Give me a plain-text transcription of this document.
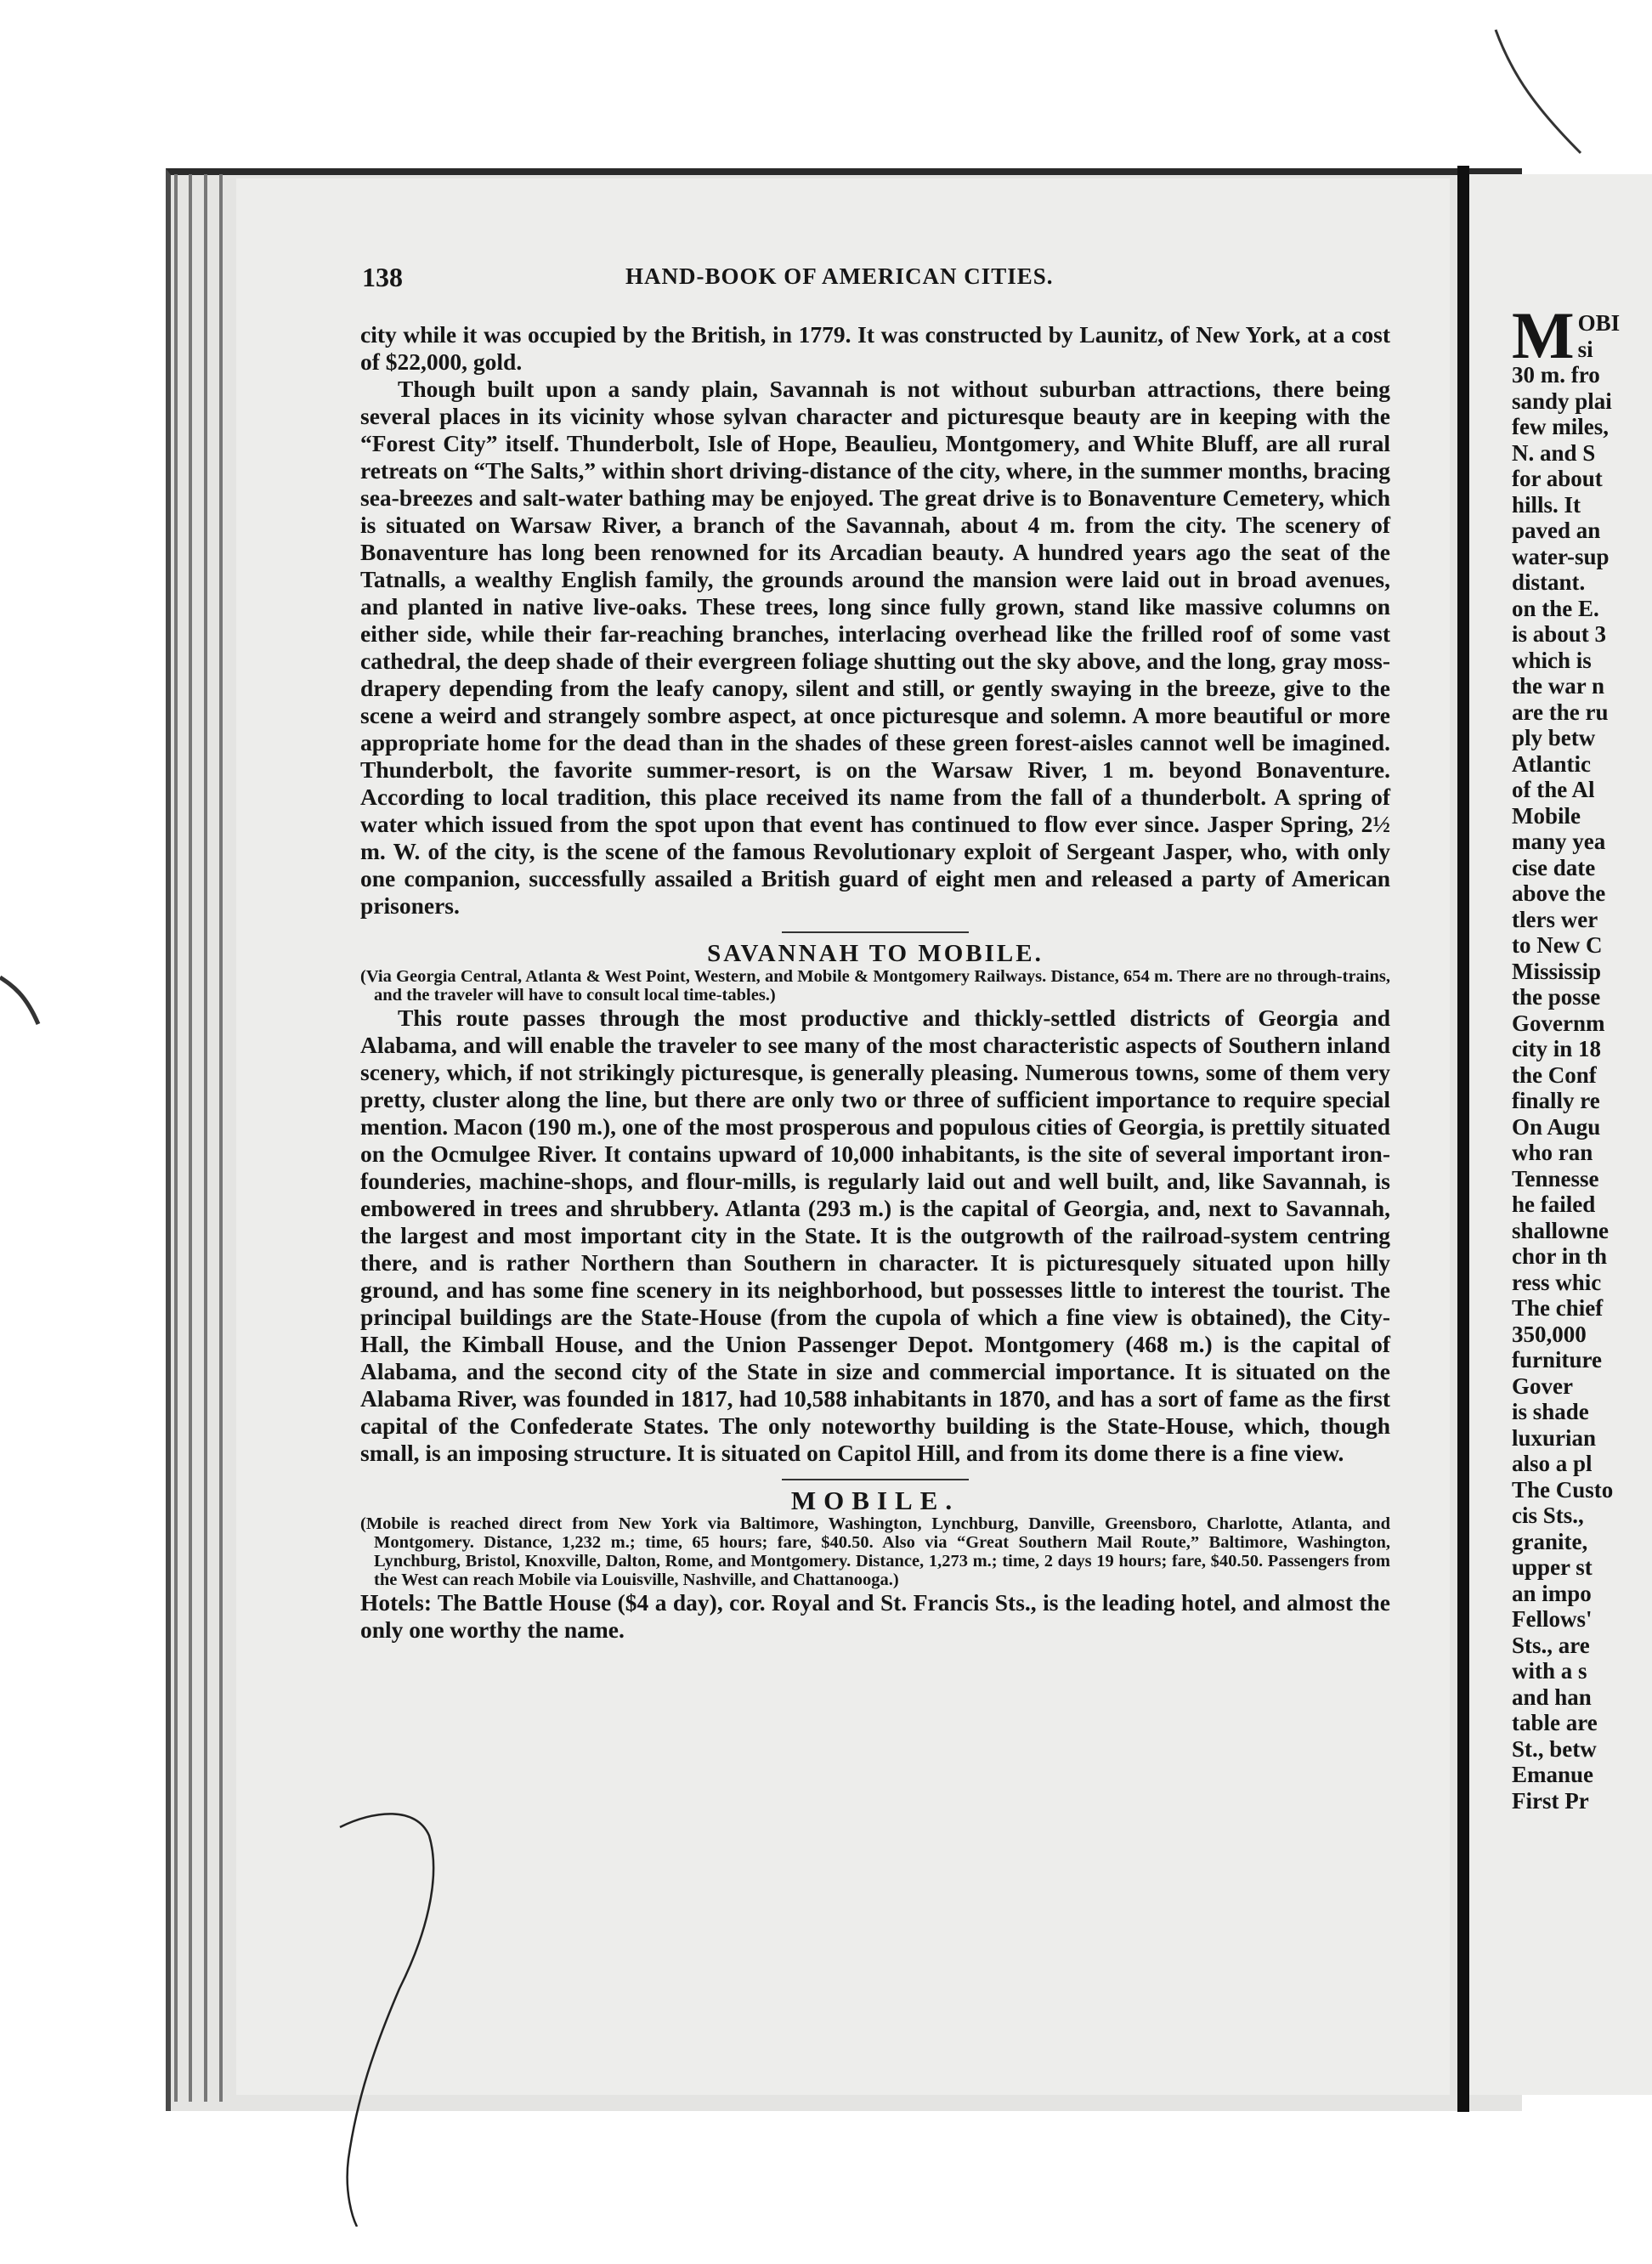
M OBI
si
30 m. fro
sandy plai
few miles,
N. and S
for about
hills. It
paved an
water-sup
distant.
on the E.
is about 3
which is
the war n
are the ru
ply betw
Atlantic
of the Al
Mobile
many yea
cise date
above the
tlers wer
to New C
Mississip
the posse
Governm
city in 18
the Conf
finally re
On Augu
who ran
Tennesse
he failed
shallowne
chor in th
ress whic
The chief
350,000
furniture
Gover
is shade
luxurian
also a pl
The Custo
cis Sts.,
granite,
upper st
an impo
Fellows'
Sts., are
with a s
and han
table are
St., betw
Emanue
First Pr
138	HAND-BOOK OF AMERICAN CITIES.

city while it was occupied by the British, in 1779. It was constructed by Launitz, of New York, at a cost of $22,000, gold.

Though built upon a sandy plain, Savannah is not without suburban attractions, there being several places in its vicinity whose sylvan character and picturesque beauty are in keeping with the “Forest City” itself. Thunderbolt, Isle of Hope, Beaulieu, Montgomery, and White Bluff, are all rural retreats on “The Salts,” within short driving-distance of the city, where, in the summer months, bracing sea-breezes and salt-water bathing may be enjoyed. The great drive is to Bonaventure Cemetery, which is situated on Warsaw River, a branch of the Savannah, about 4 m. from the city. The scenery of Bonaventure has long been renowned for its Arcadian beauty. A hundred years ago the seat of the Tatnalls, a wealthy English family, the grounds around the mansion were laid out in broad avenues, and planted in native live-oaks. These trees, long since fully grown, stand like massive columns on either side, while their far-reaching branches, interlacing overhead like the frilled roof of some vast cathedral, the deep shade of their evergreen foliage shutting out the sky above, and the long, gray moss-drapery depending from the leafy canopy, silent and still, or gently swaying in the breeze, give to the scene a weird and strangely sombre aspect, at once picturesque and solemn. A more beautiful or more appropriate home for the dead than in the shades of these green forest-aisles cannot well be imagined. Thunderbolt, the favorite summer-resort, is on the Warsaw River, 1 m. beyond Bonaventure. According to local tradition, this place received its name from the fall of a thunderbolt. A spring of water which issued from the spot upon that event has continued to flow ever since. Jasper Spring, 2½ m. W. of the city, is the scene of the famous Revolutionary exploit of Sergeant Jasper, who, with only one companion, successfully assailed a British guard of eight men and released a party of American prisoners.

SAVANNAH TO MOBILE.

(Via Georgia Central, Atlanta & West Point, Western, and Mobile & Montgomery Railways. Distance, 654 m. There are no through-trains, and the traveler will have to consult local time-tables.)

This route passes through the most productive and thickly-settled districts of Georgia and Alabama, and will enable the traveler to see many of the most characteristic aspects of Southern inland scenery, which, if not strikingly picturesque, is generally pleasing. Numerous towns, some of them very pretty, cluster along the line, but there are only two or three of sufficient importance to require special mention. Macon (190 m.), one of the most prosperous and populous cities of Georgia, is prettily situated on the Ocmulgee River. It contains upward of 10,000 inhabitants, is the site of several important iron-founderies, machine-shops, and flour-mills, is regularly laid out and well built, and, like Savannah, is embowered in trees and shrubbery. Atlanta (293 m.) is the capital of Georgia, and, next to Savannah, the largest and most important city in the State. It is the outgrowth of the railroad-system centring there, and is rather Northern than Southern in character. It is picturesquely situated upon hilly ground, and has some fine scenery in its neighborhood, but possesses little to interest the tourist. The principal buildings are the State-House (from the cupola of which a fine view is obtained), the City-Hall, the Kimball House, and the Union Passenger Depot. Montgomery (468 m.) is the capital of Alabama, and the second city of the State in size and commercial importance. It is situated on the Alabama River, was founded in 1817, had 10,588 inhabitants in 1870, and has a sort of fame as the first capital of the Confederate States. The only noteworthy building is the State-House, which, though small, is an imposing structure. It is situated on Capitol Hill, and from its dome there is a fine view.

MOBILE.

(Mobile is reached direct from New York via Baltimore, Washington, Lynchburg, Danville, Greensboro, Charlotte, Atlanta, and Montgomery. Distance, 1,232 m.; time, 65 hours; fare, $40.50. Also via “Great Southern Mail Route,” Baltimore, Washington, Lynchburg, Bristol, Knoxville, Dalton, Rome, and Montgomery. Distance, 1,273 m.; time, 2 days 19 hours; fare, $40.50. Passengers from the West can reach Mobile via Louisville, Nashville, and Chattanooga.)

Hotels: The Battle House ($4 a day), cor. Royal and St. Francis Sts., is the leading hotel, and almost the only one worthy the name.
